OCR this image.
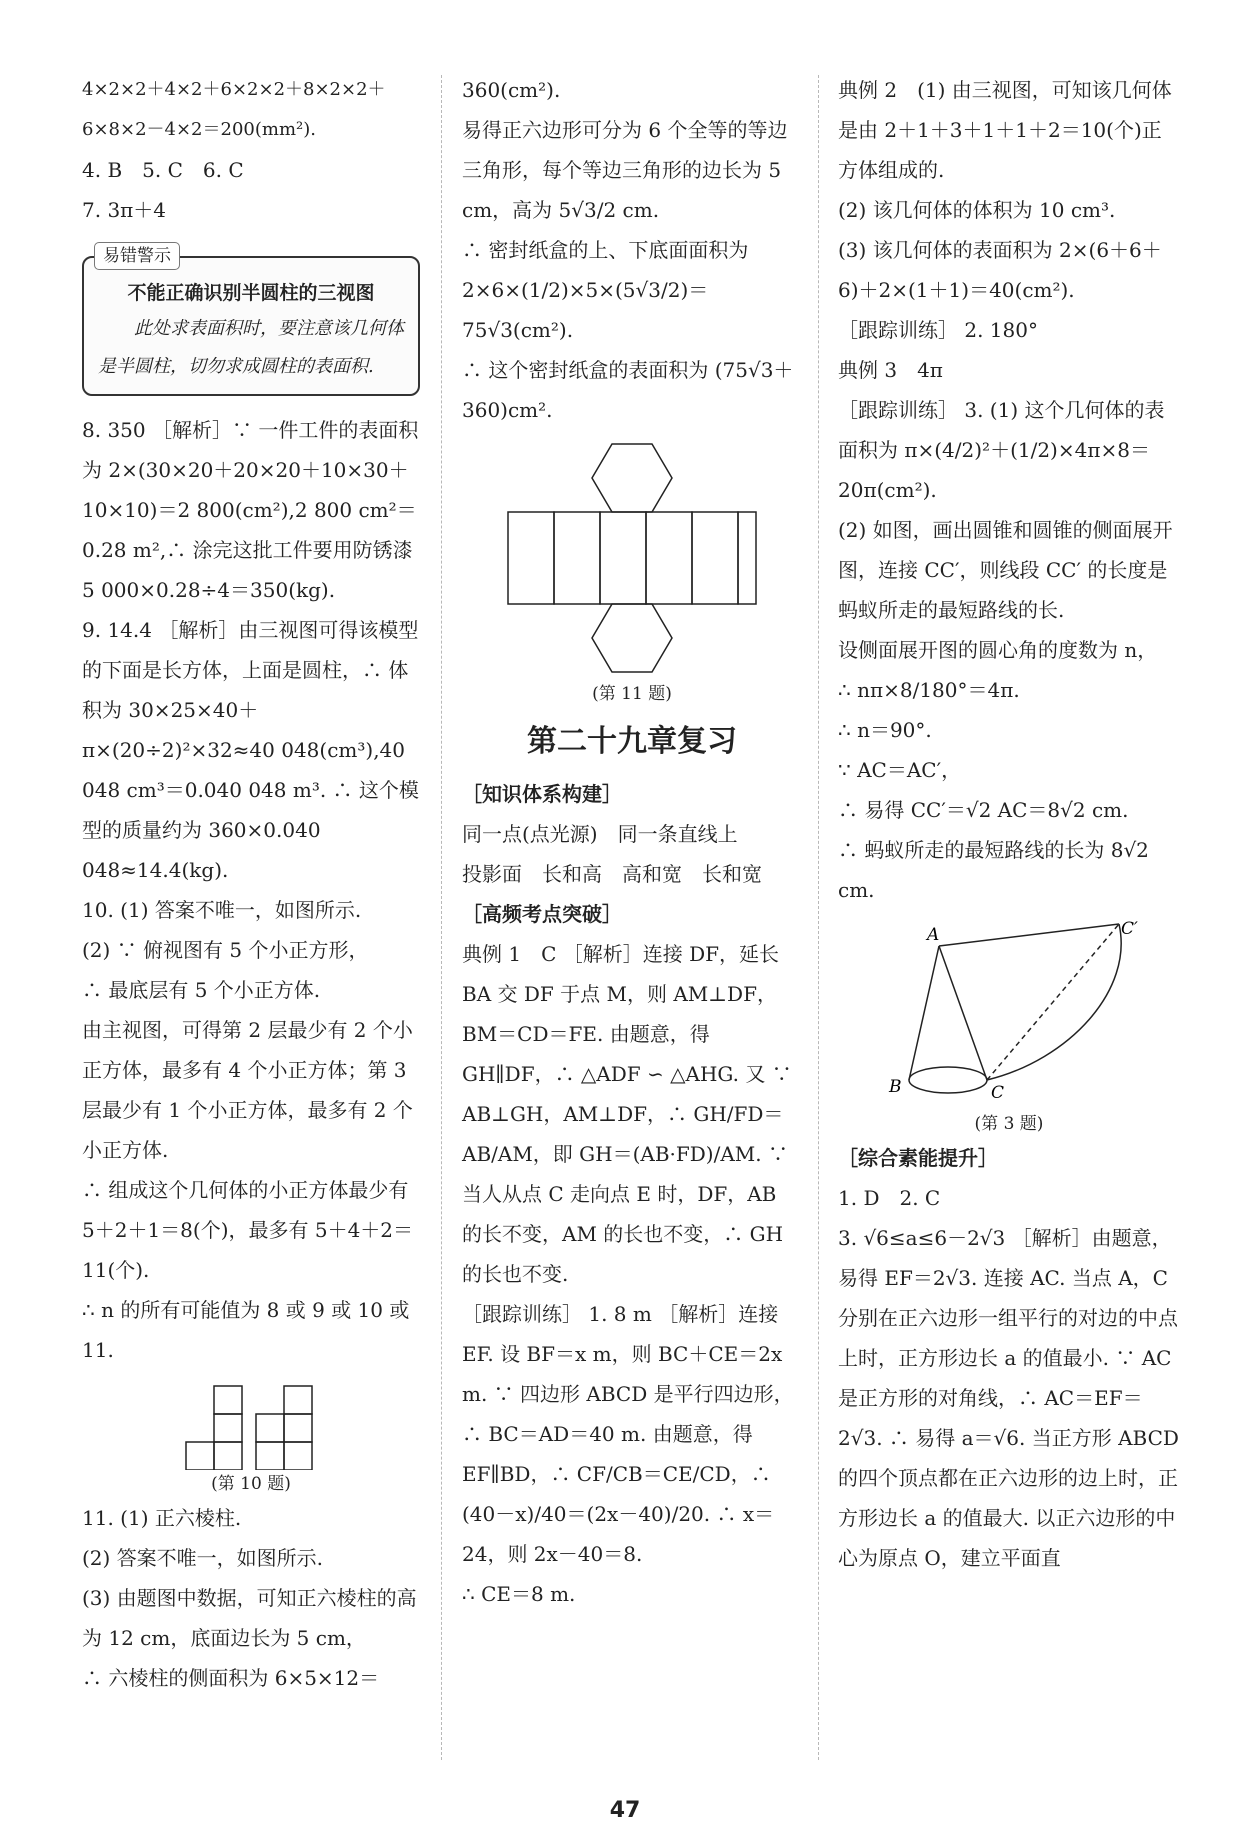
4×2×2＋4×2＋6×2×2＋8×2×2＋6×8×2－4×2＝200(mm²).

4. B　5. C　6. C

7. 3π＋4

易错警示
不能正确识别半圆柱的三视图
此处求表面积时，要注意该几何体是半圆柱，切勿求成圆柱的表面积.

8. 350 ［解析］∵ 一件工件的表面积为 2×(30×20＋20×20＋10×30＋10×10)＝2 800(cm²),2 800 cm²＝0.28 m²,∴ 涂完这批工件要用防锈漆 5 000×0.28÷4＝350(kg).

9. 14.4 ［解析］由三视图可得该模型的下面是长方体，上面是圆柱，∴ 体积为 30×25×40＋π×(20÷2)²×32≈40 048(cm³),40 048 cm³＝0.040 048 m³. ∴ 这个模型的质量约为 360×0.040 048≈14.4(kg).

10. (1) 答案不唯一，如图所示.

(2) ∵ 俯视图有 5 个小正方形，

∴ 最底层有 5 个小正方体.

由主视图，可得第 2 层最少有 2 个小正方体，最多有 4 个小正方体；第 3 层最少有 1 个小正方体，最多有 2 个小正方体.

∴ 组成这个几何体的小正方体最少有 5＋2＋1＝8(个)，最多有 5＋4＋2＝11(个).

∴ n 的所有可能值为 8 或 9 或 10 或 11.

(第 10 题)

11. (1) 正六棱柱.

(2) 答案不唯一，如图所示.

(3) 由题图中数据，可知正六棱柱的高为 12 cm，底面边长为 5 cm，

∴ 六棱柱的侧面积为 6×5×12＝

360(cm²).

易得正六边形可分为 6 个全等的等边三角形，每个等边三角形的边长为 5 cm，高为 5√3/2 cm.

∴ 密封纸盒的上、下底面面积为 2×6×(1/2)×5×(5√3/2)＝75√3(cm²).

∴ 这个密封纸盒的表面积为 (75√3＋360)cm².

(第 11 题)

第二十九章复习

［知识体系构建］

同一点(点光源)　同一条直线上

投影面　长和高　高和宽　长和宽

［高频考点突破］

典例 1　C ［解析］连接 DF，延长 BA 交 DF 于点 M，则 AM⊥DF，BM＝CD＝FE. 由题意，得 GH∥DF，∴ △ADF ∽ △AHG. 又 ∵ AB⊥GH，AM⊥DF，∴ GH/FD＝AB/AM，即 GH＝(AB·FD)/AM. ∵ 当人从点 C 走向点 E 时，DF，AB 的长不变，AM 的长也不变，∴ GH 的长也不变.

［跟踪训练］ 1. 8 m ［解析］连接 EF. 设 BF＝x m，则 BC＋CE＝2x m. ∵ 四边形 ABCD 是平行四边形，∴ BC＝AD＝40 m. 由题意，得 EF∥BD，∴ CF/CB＝CE/CD，∴ (40－x)/40＝(2x－40)/20. ∴ x＝24，则 2x－40＝8.

∴ CE＝8 m.

典例 2　(1) 由三视图，可知该几何体是由 2＋1＋3＋1＋1＋2＝10(个)正方体组成的.

(2) 该几何体的体积为 10 cm³.

(3) 该几何体的表面积为 2×(6＋6＋6)＋2×(1＋1)＝40(cm²).

［跟踪训练］ 2. 180°

典例 3　4π

［跟踪训练］ 3. (1) 这个几何体的表面积为 π×(4/2)²＋(1/2)×4π×8＝20π(cm²).

(2) 如图，画出圆锥和圆锥的侧面展开图，连接 CC′，则线段 CC′ 的长度是蚂蚁所走的最短路线的长.

设侧面展开图的圆心角的度数为 n，

∴ nπ×8/180°＝4π.

∴ n＝90°.

∵ AC＝AC′，

∴ 易得 CC′＝√2 AC＝8√2 cm.

∴ 蚂蚁所走的最短路线的长为 8√2 cm.

A
B	C
C′

(第 3 题)

［综合素能提升］

1. D　2. C

3. √6≤a≤6－2√3 ［解析］由题意，易得 EF＝2√3. 连接 AC. 当点 A，C 分别在正六边形一组平行的对边的中点上时，正方形边长 a 的值最小. ∵ AC 是正方形的对角线，∴ AC＝EF＝2√3. ∴ 易得 a＝√6. 当正方形 ABCD 的四个顶点都在正六边形的边上时，正方形边长 a 的值最大. 以正六边形的中心为原点 O，建立平面直

47
